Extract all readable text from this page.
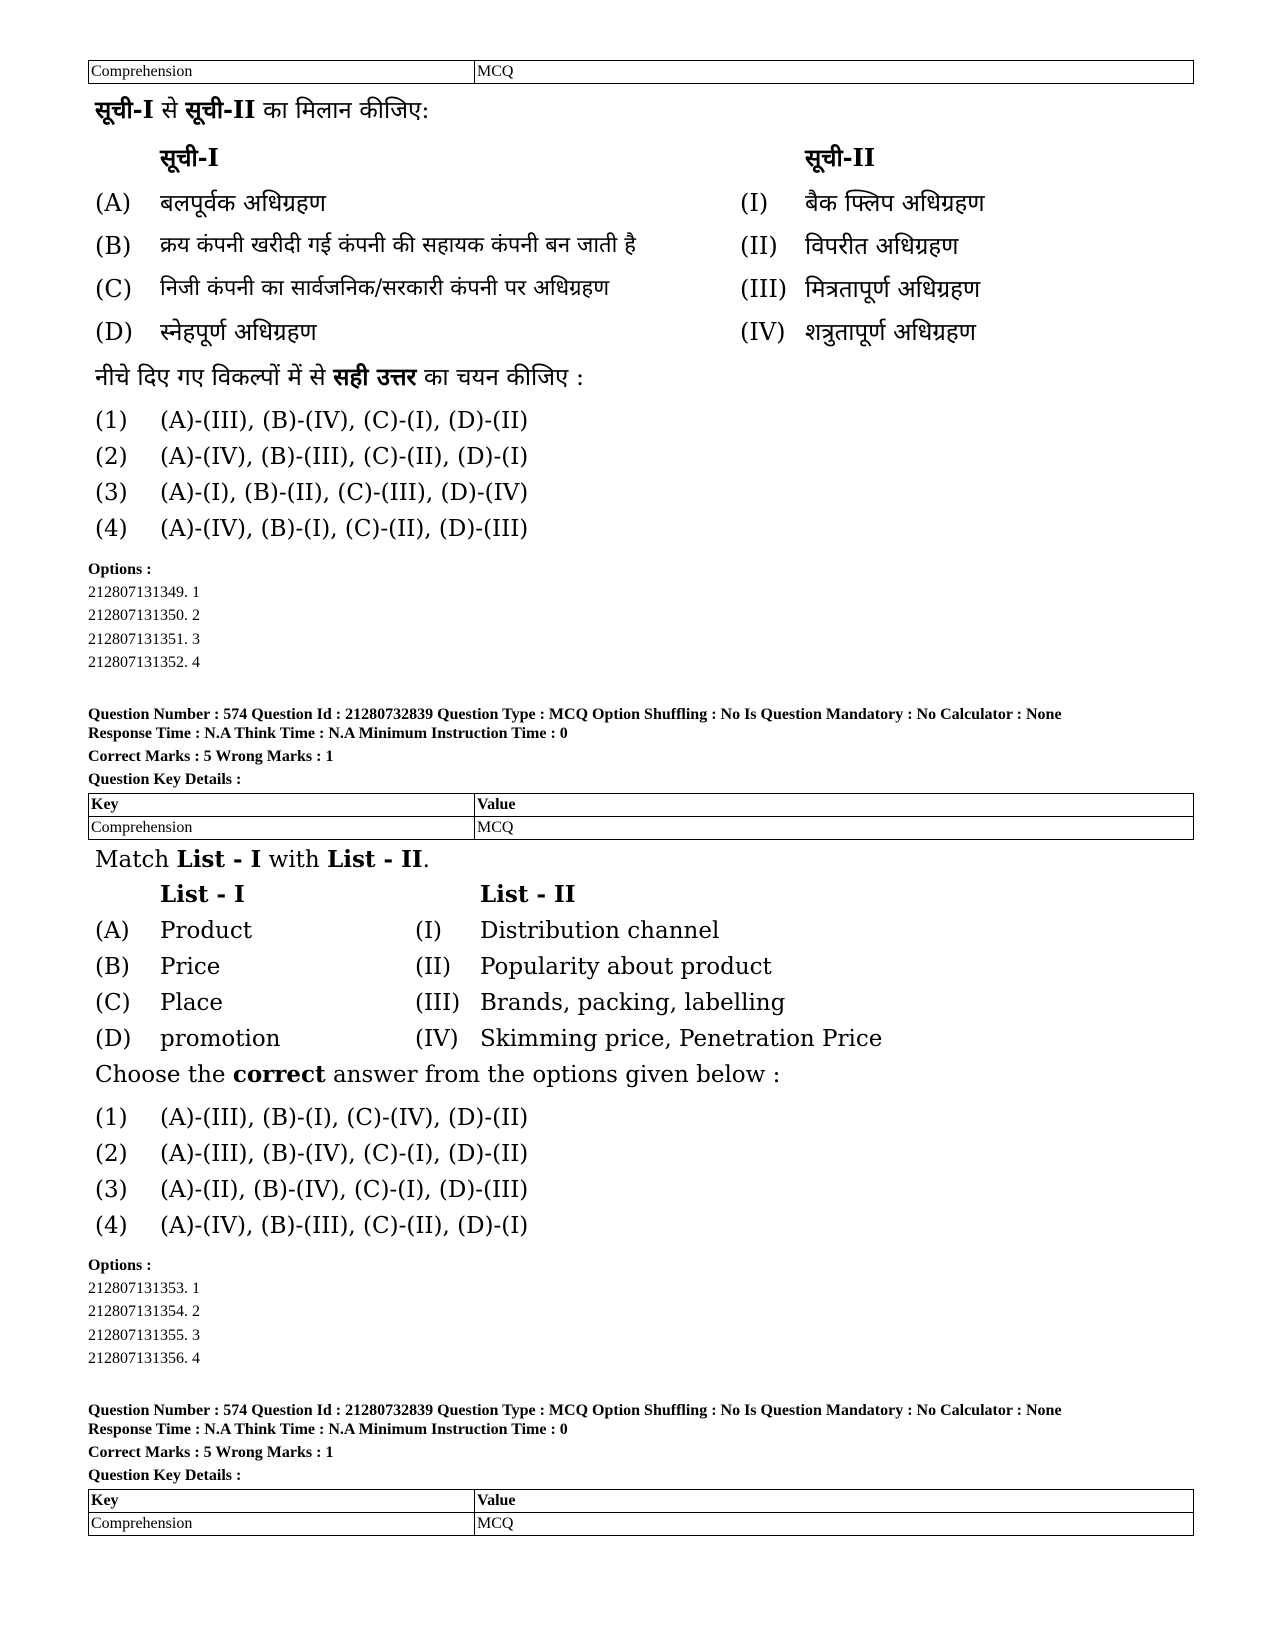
Comprehension	MCQ
सूची-I से सूची-II का मिलान कीजिए:
सूची-I	सूची-II
(A) बलपूर्वक अधिग्रहण	(I) बैक फ्लिप अधिग्रहण
(B) क्रय कंपनी खरीदी गई कंपनी की सहायक कंपनी बन जाती है	(II) विपरीत अधिग्रहण
(C) निजी कंपनी का सार्वजनिक/सरकारी कंपनी पर अधिग्रहण	(III) मित्रतापूर्ण अधिग्रहण
(D) स्नेहपूर्ण अधिग्रहण	(IV) शत्रुतापूर्ण अधिग्रहण
नीचे दिए गए विकल्पों में से सही उत्तर का चयन कीजिए :
(1) (A)-(III), (B)-(IV), (C)-(I), (D)-(II)
(2) (A)-(IV), (B)-(III), (C)-(II), (D)-(I)
(3) (A)-(I), (B)-(II), (C)-(III), (D)-(IV)
(4) (A)-(IV), (B)-(I), (C)-(II), (D)-(III)
Options :
212807131349. 1
212807131350. 2
212807131351. 3
212807131352. 4
Question Number : 574 Question Id : 21280732839 Question Type : MCQ Option Shuffling : No Is Question Mandatory : No Calculator : None
Response Time : N.A Think Time : N.A Minimum Instruction Time : 0
Correct Marks : 5 Wrong Marks : 1
Question Key Details :
Key	Value
Comprehension	MCQ
Match List - I with List - II.
List - I	List - II
(A) Product	(I) Distribution channel
(B) Price	(II) Popularity about product
(C) Place	(III) Brands, packing, labelling
(D) promotion	(IV) Skimming price, Penetration Price
Choose the correct answer from the options given below :
(1) (A)-(III), (B)-(I), (C)-(IV), (D)-(II)
(2) (A)-(III), (B)-(IV), (C)-(I), (D)-(II)
(3) (A)-(II), (B)-(IV), (C)-(I), (D)-(III)
(4) (A)-(IV), (B)-(III), (C)-(II), (D)-(I)
Options :
212807131353. 1
212807131354. 2
212807131355. 3
212807131356. 4
Question Number : 574 Question Id : 21280732839 Question Type : MCQ Option Shuffling : No Is Question Mandatory : No Calculator : None
Response Time : N.A Think Time : N.A Minimum Instruction Time : 0
Correct Marks : 5 Wrong Marks : 1
Question Key Details :
Key	Value
Comprehension	MCQ
